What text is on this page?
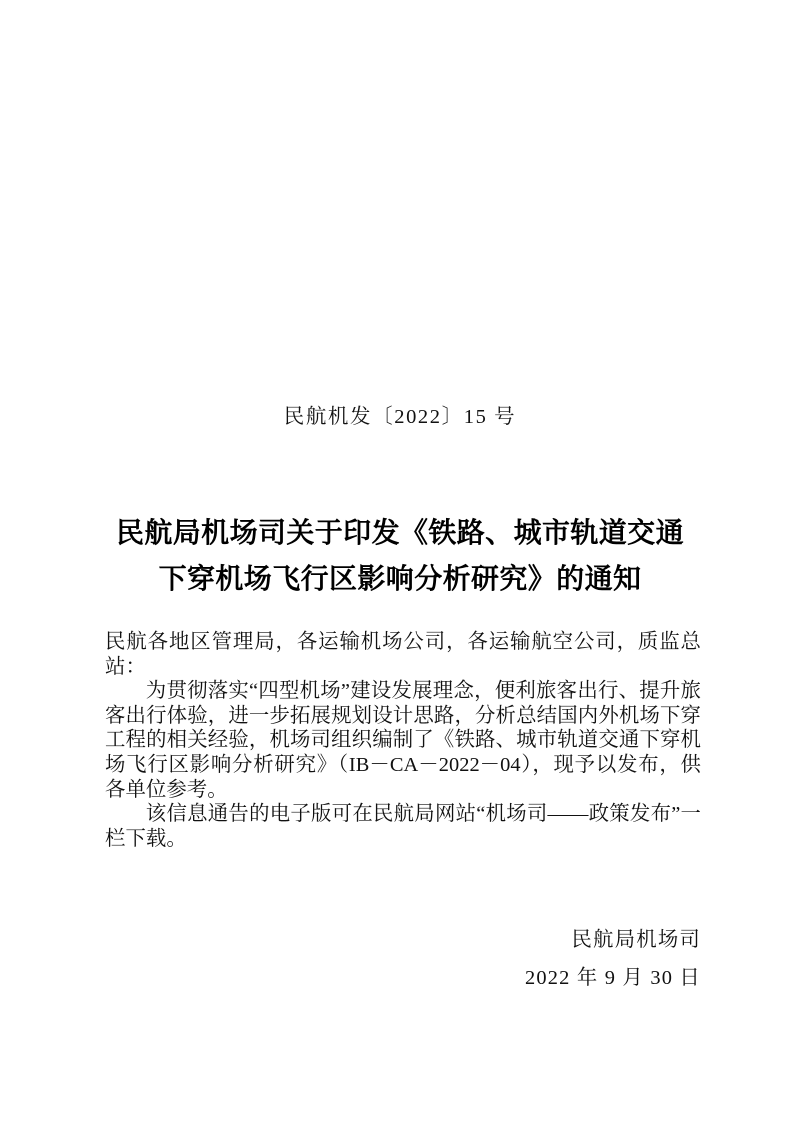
民航机发〔2022〕15 号
民航局机场司关于印发《铁路、城市轨道交通
下穿机场飞行区影响分析研究》的通知

民航各地区管理局，各运输机场公司，各运输航空公司，质监总站：

为贯彻落实“四型机场”建设发展理念，便利旅客出行、提升旅客出行体验，进一步拓展规划设计思路，分析总结国内外机场下穿工程的相关经验，机场司组织编制了《铁路、城市轨道交通下穿机场飞行区影响分析研究》（IB－CA－2022－04），现予以发布，供各单位参考。

该信息通告的电子版可在民航局网站“机场司——政策发布”一栏下载。

民航局机场司
2022 年 9 月 30 日
